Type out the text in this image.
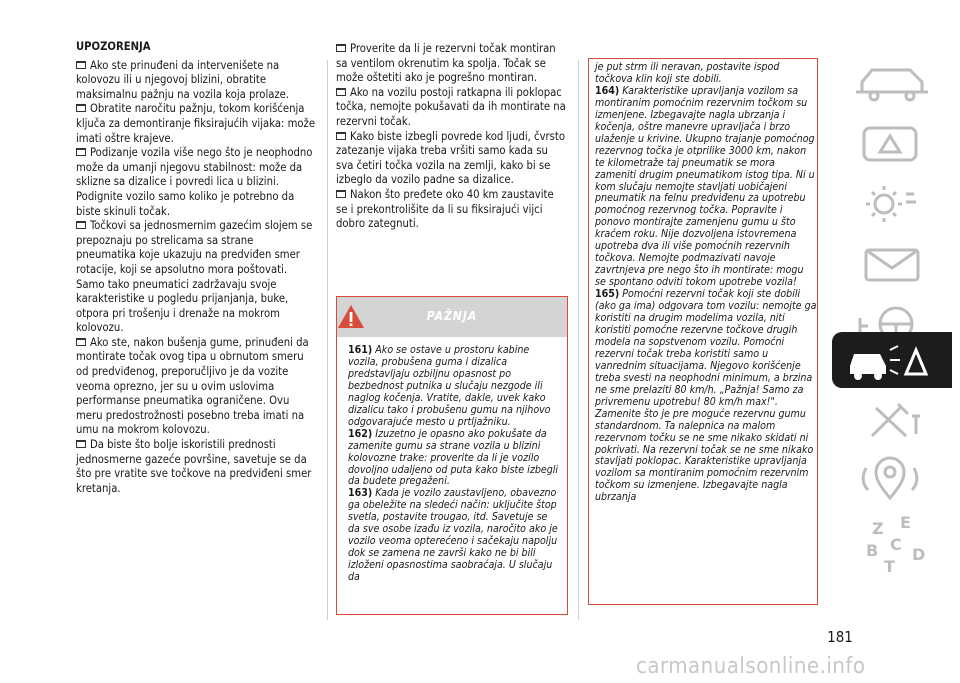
UPOZORENJA

Ako ste prinuđeni da intervenišete na kolovozu ili u njegovoj blizini, obratite maksimalnu pažnju na vozila koja prolaze.

Obratite naročitu pažnju, tokom korišćenja ključa za demontiranje fiksirajućih vijaka: može imati oštre krajeve.

Podizanje vozila više nego što je neophodno može da umanji njegovu stabilnost: može da sklizne sa dizalice i povredi lica u blizini. Podignite vozilo samo koliko je potrebno da biste skinuli točak.

Točkovi sa jednosmernim gazećim slojem se prepoznaju po strelicama sa strane pneumatika koje ukazuju na predviđen smer rotacije, koji se apsolutno mora poštovati. Samo tako pneumatici zadržavaju svoje karakteristike u pogledu prijanjanja, buke, otpora pri trošenju i drenaže na mokrom kolovozu.

Ako ste, nakon bušenja gume, prinuđeni da montirate točak ovog tipa u obrnutom smeru od predviđenog, preporučljivo je da vozite veoma oprezno, jer su u ovim uslovima performanse pneumatika ograničene. Ovu meru predostrožnosti posebno treba imati na umu na mokrom kolovozu.

Da biste što bolje iskoristili prednosti jednosmerne gazeće površine, savetuje se da što pre vratite sve točkove na predviđeni smer kretanja.

Proverite da li je rezervni točak montiran sa ventilom okrenutim ka spolja. Točak se može oštetiti ako je pogrešno montiran.

Ako na vozilu postoji ratkapna ili poklopac točka, nemojte pokušavati da ih montirate na rezervni točak.

Kako biste izbegli povrede kod ljudi, čvrsto zatezanje vijaka treba vršiti samo kada su sva četiri točka vozila na zemlji, kako bi se izbeglo da vozilo padne sa dizalice.

Nakon što pređete oko 40 km zaustavite se i prekontrolišite da li su fiksirajući vijci dobro zategnuti.

PAŽNJA
161) Ako se ostave u prostoru kabine vozila, probušena guma i dizalica predstavljaju ozbiljnu opasnost po bezbednost putnika u slučaju nezgode ili naglog kočenja. Vratite, dakle, uvek kako dizalicu tako i probušenu gumu na njihovo odgovarajuće mesto u prtljažniku.
162) Izuzetno je opasno ako pokušate da zamenite gumu sa strane vozila u blizini kolovozne trake: proverite da li je vozilo dovoljno udaljeno od puta kako biste izbegli da budete pregaženi.
163) Kada je vozilo zaustavljeno, obavezno ga obeležite na sledeći način: uključite štop svetla, postavite trougao, itd. Savetuje se da sve osobe izađu iz vozila, naročito ako je vozilo veoma opterećeno i sačekaju napolju dok se zamena ne završi kako ne bi bili izloženi opasnostima saobraćaja. U slučaju da
je put strm ili neravan, postavite ispod točkova klin koji ste dobili.
164) Karakteristike upravljanja vozilom sa montiranim pomoćnim rezervnim točkom su izmenjene. Izbegavajte nagla ubrzanja i kočenja, oštre manevre upravljača i brzo ulaženje u krivine. Ukupno trajanje pomoćnog rezervnog točka je otprilike 3000 km, nakon te kilometraže taj pneumatik se mora zameniti drugim pneumatikom istog tipa. Ni u kom slučaju nemojte stavljati uobičajeni pneumatik na felnu predviđenu za upotrebu pomoćnog rezervnog točka. Popravite i ponovo montirajte zamenjenu gumu u što kraćem roku. Nije dozvoljena istovremena upotreba dva ili više pomoćnih rezervnih točkova. Nemojte podmazivati navoje zavrtnjeva pre nego što ih montirate: mogu se spontano odviti tokom upotrebe vozila!
165) Pomoćni rezervni točak koji ste dobili (ako ga ima) odgovara tom vozilu: nemojte ga koristiti na drugim modelima vozila, niti koristiti pomoćne rezervne točkove drugih modela na sopstvenom vozilu. Pomoćni rezervni točak treba koristiti samo u vanrednim situacijama. Njegovo korišćenje treba svesti na neophodni minimum, a brzina ne sme prelaziti 80 km/h. „Pažnja! Samo za privremenu upotrebu! 80 km/h max!". Zamenite što je pre moguće rezervnu gumu standardnom. Ta nalepnica na malom rezervnom točku se ne sme nikako skidati ni pokrivati. Na rezervni točak se ne sme nikako stavljati poklopac. Karakteristike upravljanja vozilom sa montiranim pomoćnim rezervnim točkom su izmenjene. Izbegavajte nagla ubrzanja
Z E
B C
T
D
181
carmanualsonline.info
